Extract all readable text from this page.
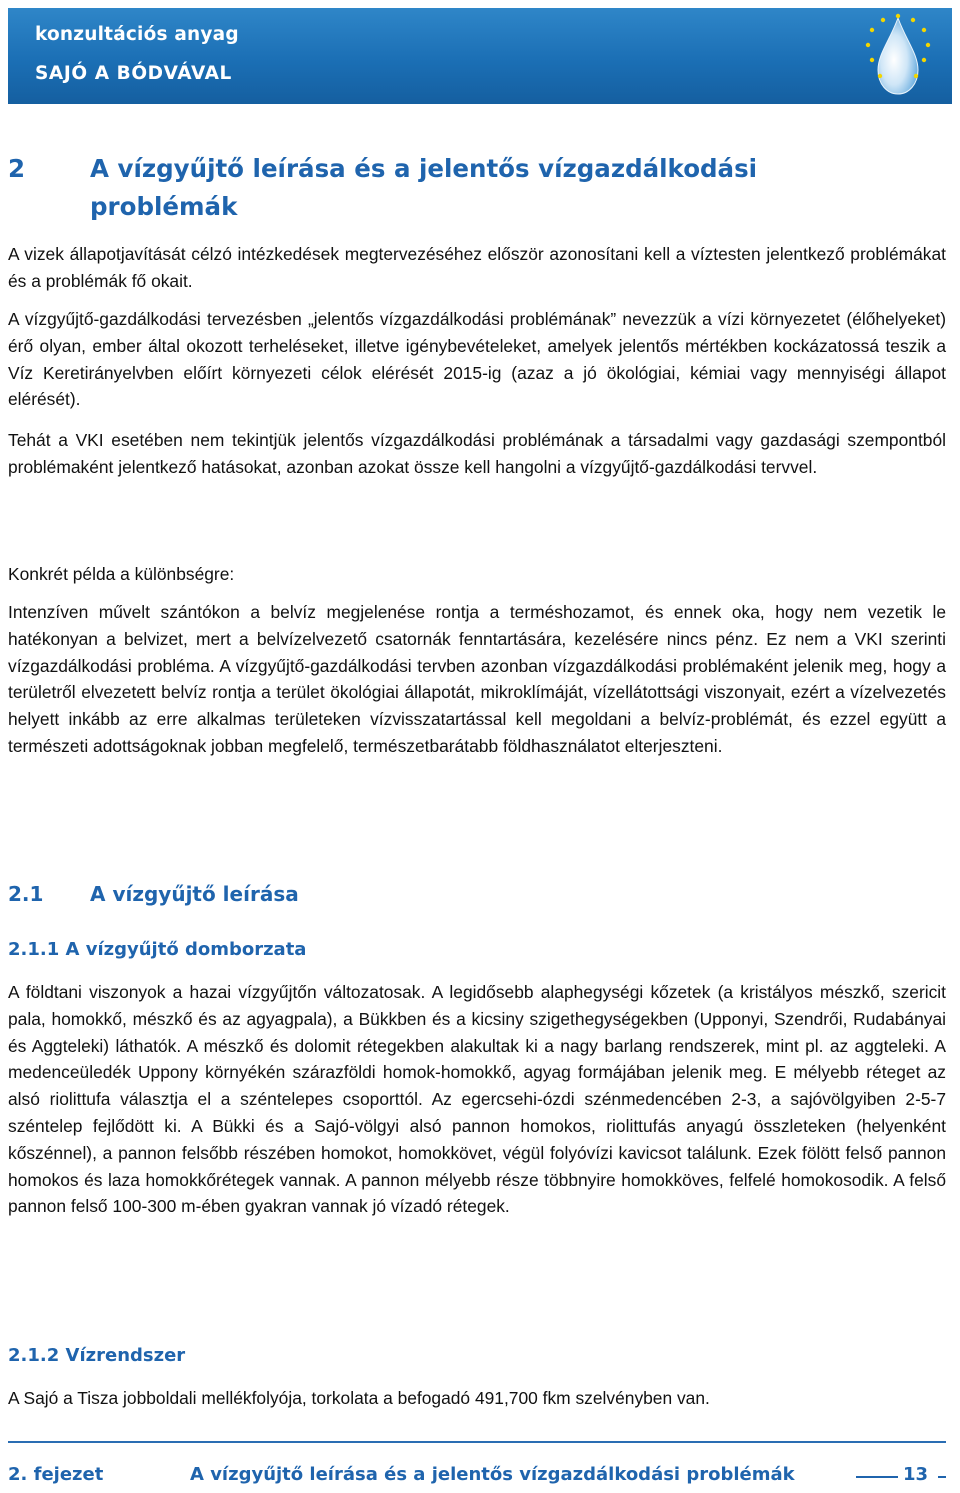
konzultációs anyag
SAJÓ A BÓDVÁVAL
2	A vízgyűjtő leírása és a jelentős vízgazdálkodási
problémák

A vizek állapotjavítását célzó intézkedések megtervezéséhez először azonosítani kell a víztesten jelentkező problémákat és a problémák fő okait.

A vízgyűjtő-gazdálkodási tervezésben „jelentős vízgazdálkodási problémának” nevezzük a vízi környezetet (élőhelyeket) érő olyan, ember által okozott terheléseket, illetve igénybevételeket, amelyek jelentős mértékben kockázatossá teszik a Víz Keretirányelvben előírt környezeti célok elérését 2015-ig (azaz a jó ökológiai, kémiai vagy mennyiségi állapot elérését).

Tehát a VKI esetében nem tekintjük jelentős vízgazdálkodási problémának a társadalmi vagy gazdasági szempontból problémaként jelentkező hatásokat, azonban azokat össze kell hangolni a vízgyűjtő-gazdálkodási tervvel.

Konkrét példa a különbségre:

Intenzíven művelt szántókon a belvíz megjelenése rontja a terméshozamot, és ennek oka, hogy nem vezetik le hatékonyan a belvizet, mert a belvízelvezető csatornák fenntartására, kezelésére nincs pénz. Ez nem a VKI szerinti vízgazdálkodási probléma. A vízgyűjtő-gazdálkodási tervben azonban vízgazdálkodási problémaként jelenik meg, hogy a területről elvezetett belvíz rontja a terület ökológiai állapotát, mikroklímáját, vízellátottsági viszonyait, ezért a vízelvezetés helyett inkább az erre alkalmas területeken vízvisszatartással kell megoldani a belvíz-problémát, és ezzel együtt a természeti adottságoknak jobban megfelelő, természetbarátabb földhasználatot elterjeszteni.

2.1 A vízgyűjtő leírása
2.1.1 A vízgyűjtő domborzata

A földtani viszonyok a hazai vízgyűjtőn változatosak. A legidősebb alaphegységi kőzetek (a kristályos mészkő, szericit pala, homokkő, mészkő és az agyagpala), a Bükkben és a kicsiny szigethegységekben (Upponyi, Szendrői, Rudabányai és Aggteleki) láthatók. A mészkő és dolomit rétegekben alakultak ki a nagy barlang rendszerek, mint pl. az aggteleki. A medenceüledék Uppony környékén szárazföldi homok-homokkő, agyag formájában jelenik meg. E mélyebb réteget az alsó riolittufa választja el a széntelepes csoporttól. Az egercsehi-ózdi szénmedencében 2-3, a sajóvölgyiben 2-5-7 széntelep fejlődött ki. A Bükki és a Sajó-völgyi alsó pannon homokos, riolittufás anyagú összleteken (helyenként kőszénnel), a pannon felsőbb részében homokot, homokkövet, végül folyóvízi kavicsot találunk. Ezek fölött felső pannon homokos és laza homokkőrétegek vannak. A pannon mélyebb része többnyire homokköves, felfelé homokosodik. A felső pannon felső 100-300 m-ében gyakran vannak jó vízadó rétegek.

2.1.2 Vízrendszer

A Sajó a Tisza jobboldali mellékfolyója, torkolata a befogadó 491,700 fkm szelvényben van.

2. fejezet	A vízgyűjtő leírása és a jelentős vízgazdálkodási problémák	13
